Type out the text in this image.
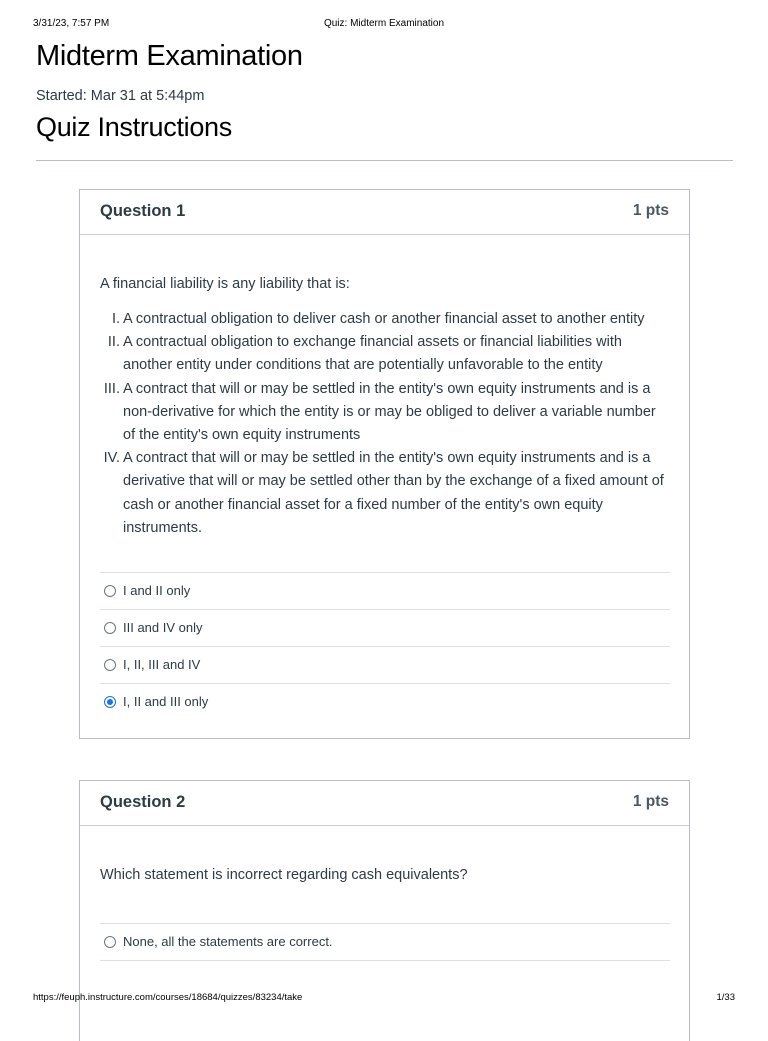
3/31/23, 7:57 PM	Quiz: Midterm Examination
Midterm Examination
Started: Mar 31 at 5:44pm
Quiz Instructions
Question 1	1 pts
A financial liability is any liability that is:
I. A contractual obligation to deliver cash or another financial asset to another entity
II. A contractual obligation to exchange financial assets or financial liabilities with another entity under conditions that are potentially unfavorable to the entity
III. A contract that will or may be settled in the entity's own equity instruments and is a non-derivative for which the entity is or may be obliged to deliver a variable number of the entity's own equity instruments
IV. A contract that will or may be settled in the entity's own equity instruments and is a derivative that will or may be settled other than by the exchange of a fixed amount of cash or another financial asset for a fixed number of the entity's own equity instruments.
I and II only
III and IV only
I, II, III and IV
I, II and III only
Question 2	1 pts
Which statement is incorrect regarding cash equivalents?
None, all the statements are correct.
https://feuph.instructure.com/courses/18684/quizzes/83234/take	1/33
